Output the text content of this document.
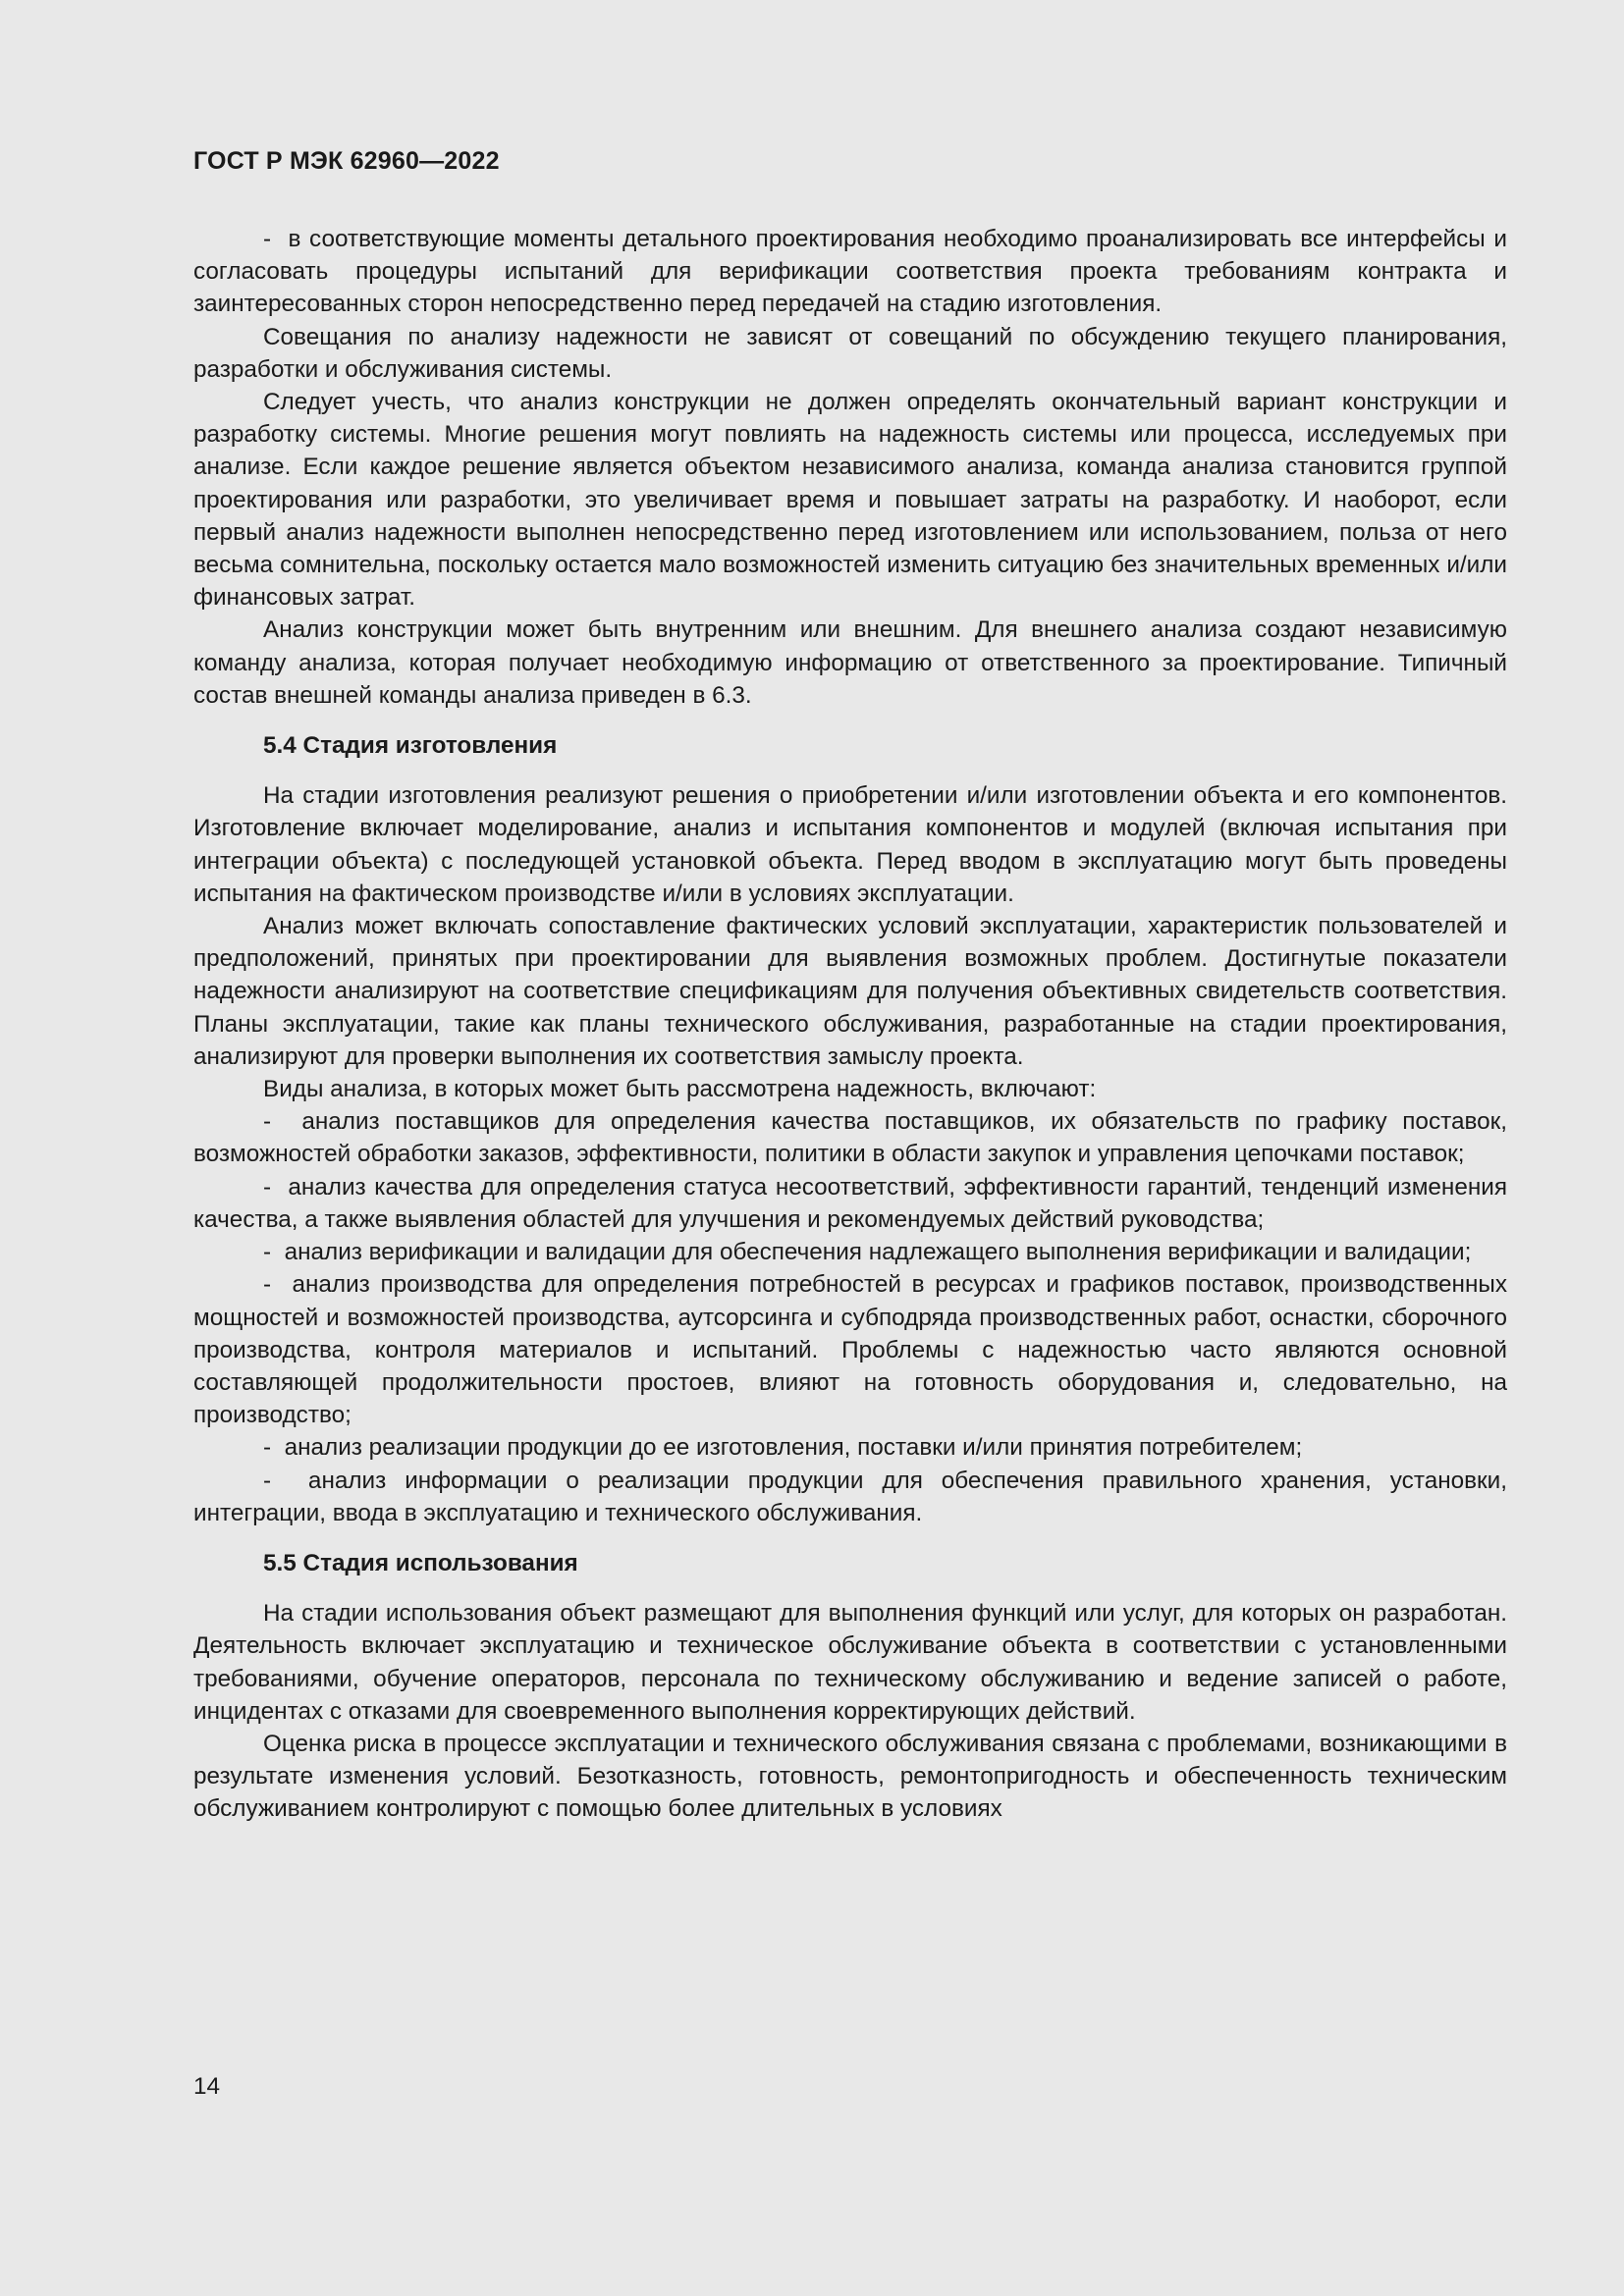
ГОСТ Р МЭК 62960—2022

-  в соответствующие моменты детального проектирования необходимо проанализировать все интерфейсы и согласовать процедуры испытаний для верификации соответствия проекта требованиям контракта и заинтересованных сторон непосредственно перед передачей на стадию изготовления.

Совещания по анализу надежности не зависят от совещаний по обсуждению текущего планирования, разработки и обслуживания системы.

Следует учесть, что анализ конструкции не должен определять окончательный вариант конструкции и разработку системы. Многие решения могут повлиять на надежность системы или процесса, исследуемых при анализе. Если каждое решение является объектом независимого анализа, команда анализа становится группой проектирования или разработки, это увеличивает время и повышает затраты на разработку. И наоборот, если первый анализ надежности выполнен непосредственно перед изготовлением или использованием, польза от него весьма сомнительна, поскольку остается мало возможностей изменить ситуацию без значительных временных и/или финансовых затрат.

Анализ конструкции может быть внутренним или внешним. Для внешнего анализа создают независимую команду анализа, которая получает необходимую информацию от ответственного за проектирование. Типичный состав внешней команды анализа приведен в 6.3.

5.4 Стадия изготовления

На стадии изготовления реализуют решения о приобретении и/или изготовлении объекта и его компонентов. Изготовление включает моделирование, анализ и испытания компонентов и модулей (включая испытания при интеграции объекта) с последующей установкой объекта. Перед вводом в эксплуатацию могут быть проведены испытания на фактическом производстве и/или в условиях эксплуатации.

Анализ может включать сопоставление фактических условий эксплуатации, характеристик пользователей и предположений, принятых при проектировании для выявления возможных проблем. Достигнутые показатели надежности анализируют на соответствие спецификациям для получения объективных свидетельств соответствия. Планы эксплуатации, такие как планы технического обслуживания, разработанные на стадии проектирования, анализируют для проверки выполнения их соответствия замыслу проекта.

Виды анализа, в которых может быть рассмотрена надежность, включают:

-  анализ поставщиков для определения качества поставщиков, их обязательств по графику поставок, возможностей обработки заказов, эффективности, политики в области закупок и управления цепочками поставок;

-  анализ качества для определения статуса несоответствий, эффективности гарантий, тенденций изменения качества, а также выявления областей для улучшения и рекомендуемых действий руководства;

-  анализ верификации и валидации для обеспечения надлежащего выполнения верификации и валидации;

-  анализ производства для определения потребностей в ресурсах и графиков поставок, производственных мощностей и возможностей производства, аутсорсинга и субподряда производственных работ, оснастки, сборочного производства, контроля материалов и испытаний. Проблемы с надежностью часто являются основной составляющей продолжительности простоев, влияют на готовность оборудования и, следовательно, на производство;

-  анализ реализации продукции до ее изготовления, поставки и/или принятия потребителем;

-  анализ информации о реализации продукции для обеспечения правильного хранения, установки, интеграции, ввода в эксплуатацию и технического обслуживания.

5.5 Стадия использования

На стадии использования объект размещают для выполнения функций или услуг, для которых он разработан. Деятельность включает эксплуатацию и техническое обслуживание объекта в соответствии с установленными требованиями, обучение операторов, персонала по техническому обслуживанию и ведение записей о работе, инцидентах с отказами для своевременного выполнения корректирующих действий.

Оценка риска в процессе эксплуатации и технического обслуживания связана с проблемами, возникающими в результате изменения условий. Безотказность, готовность, ремонтопригодность и обеспеченность техническим обслуживанием контролируют с помощью более длительных в условиях

14
